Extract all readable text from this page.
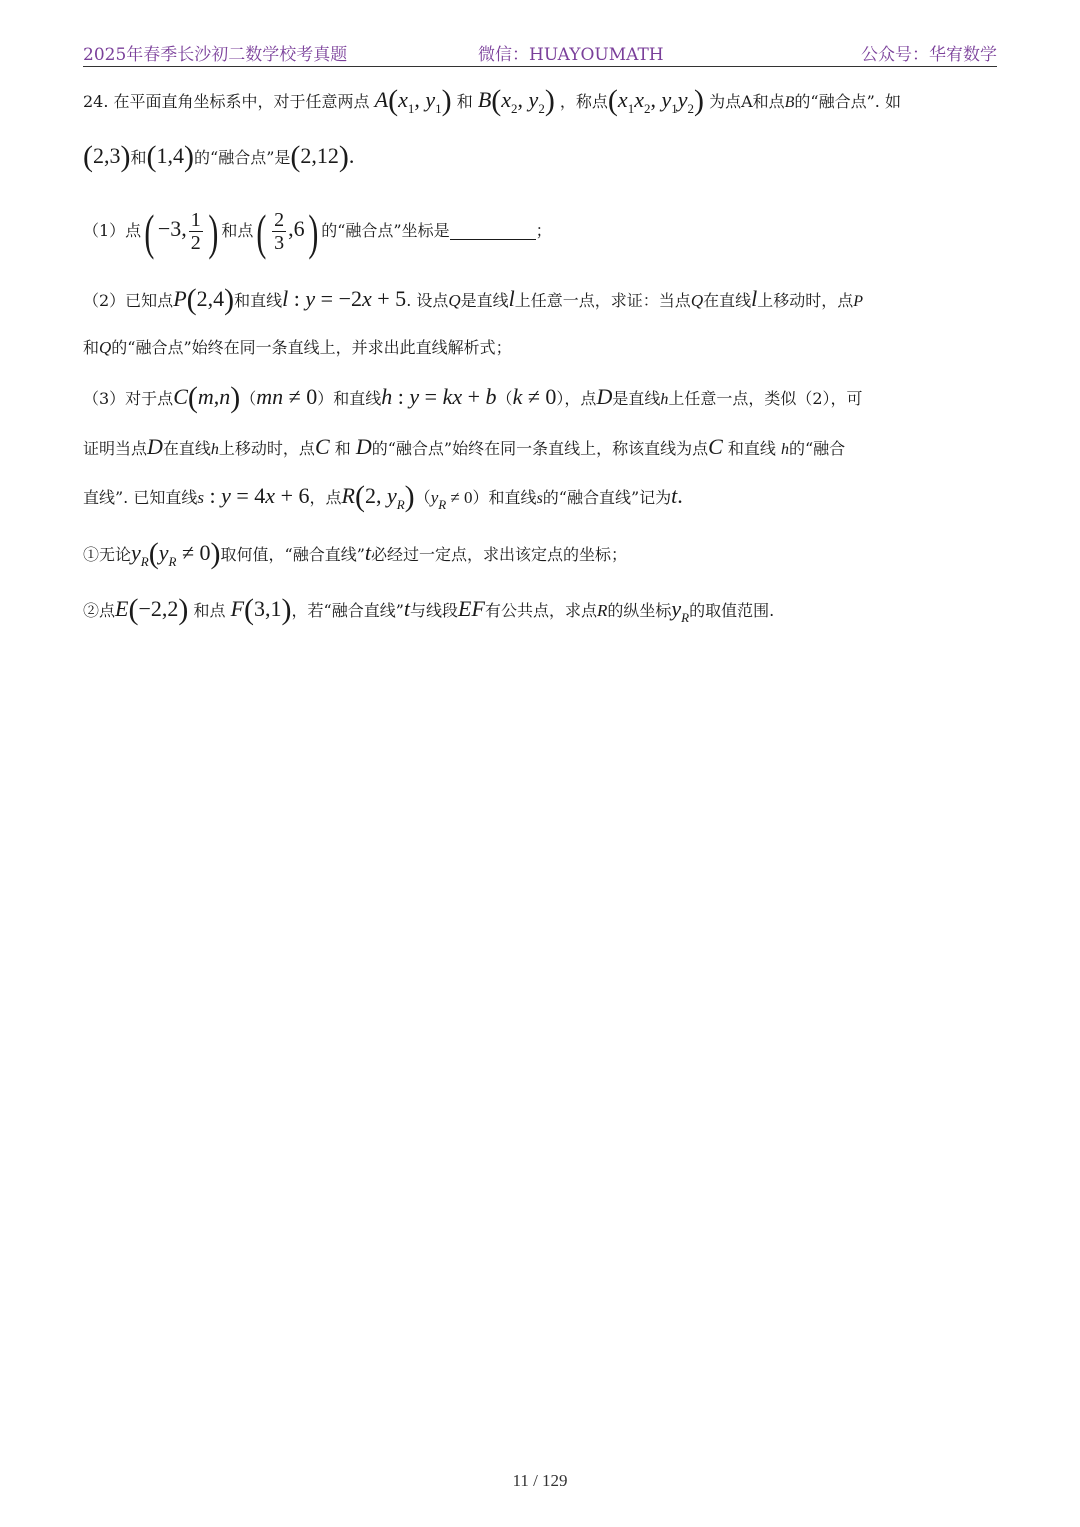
2025年春季长沙初二数学校考真题	微信：HUAYOUMATH	公众号：华宥数学
24. 在平面直角坐标系中，对于任意两点 $A(x_1$, $y_1$) 和 $B(x_2$, $y_2$) ，称点($x_1x_2$, $y_1y_2$) 为点A和点B的“融合点”. 如
(2,3)和(1,4)的“融合点”是(2,12).
（1）点( −3, $\frac{1}{2}$ ) 和点( $\frac{2}{3} ,6$) 的“融合点”坐标是	；
（2）已知点P(2,4)和直线l : y = −2x + 5. 设点Q是直线l上任意一点，求证：当点Q在直线l上移动时，点P
和Q的“融合点”始终在同一条直线上，并求出此直线解析式；
（3）对于点C(m,n)（mn ≠ 0）和直线h : y = kx + b（k ≠ 0），点D是直线h上任意一点，类似（2），可
证明当点D在直线h上移动时，点C 和 D的“融合点”始终在同一条直线上，称该直线为点C 和直线 h的“融合
直线”. 已知直线s : y = 4x + 6，点R(2, $y_R)(y_R \ne 0)$和直线s的“融合直线”记为t.
①无论$y_R(y_R \ne 0)$取何值，“融合直线”t必经过一定点，求出该定点的坐标；
②点E(−2,2) 和点 F(3,1)，若“融合直线”t与线段EF有公共点，求点R的纵坐标$y_R$的取值范围.
11 / 129
